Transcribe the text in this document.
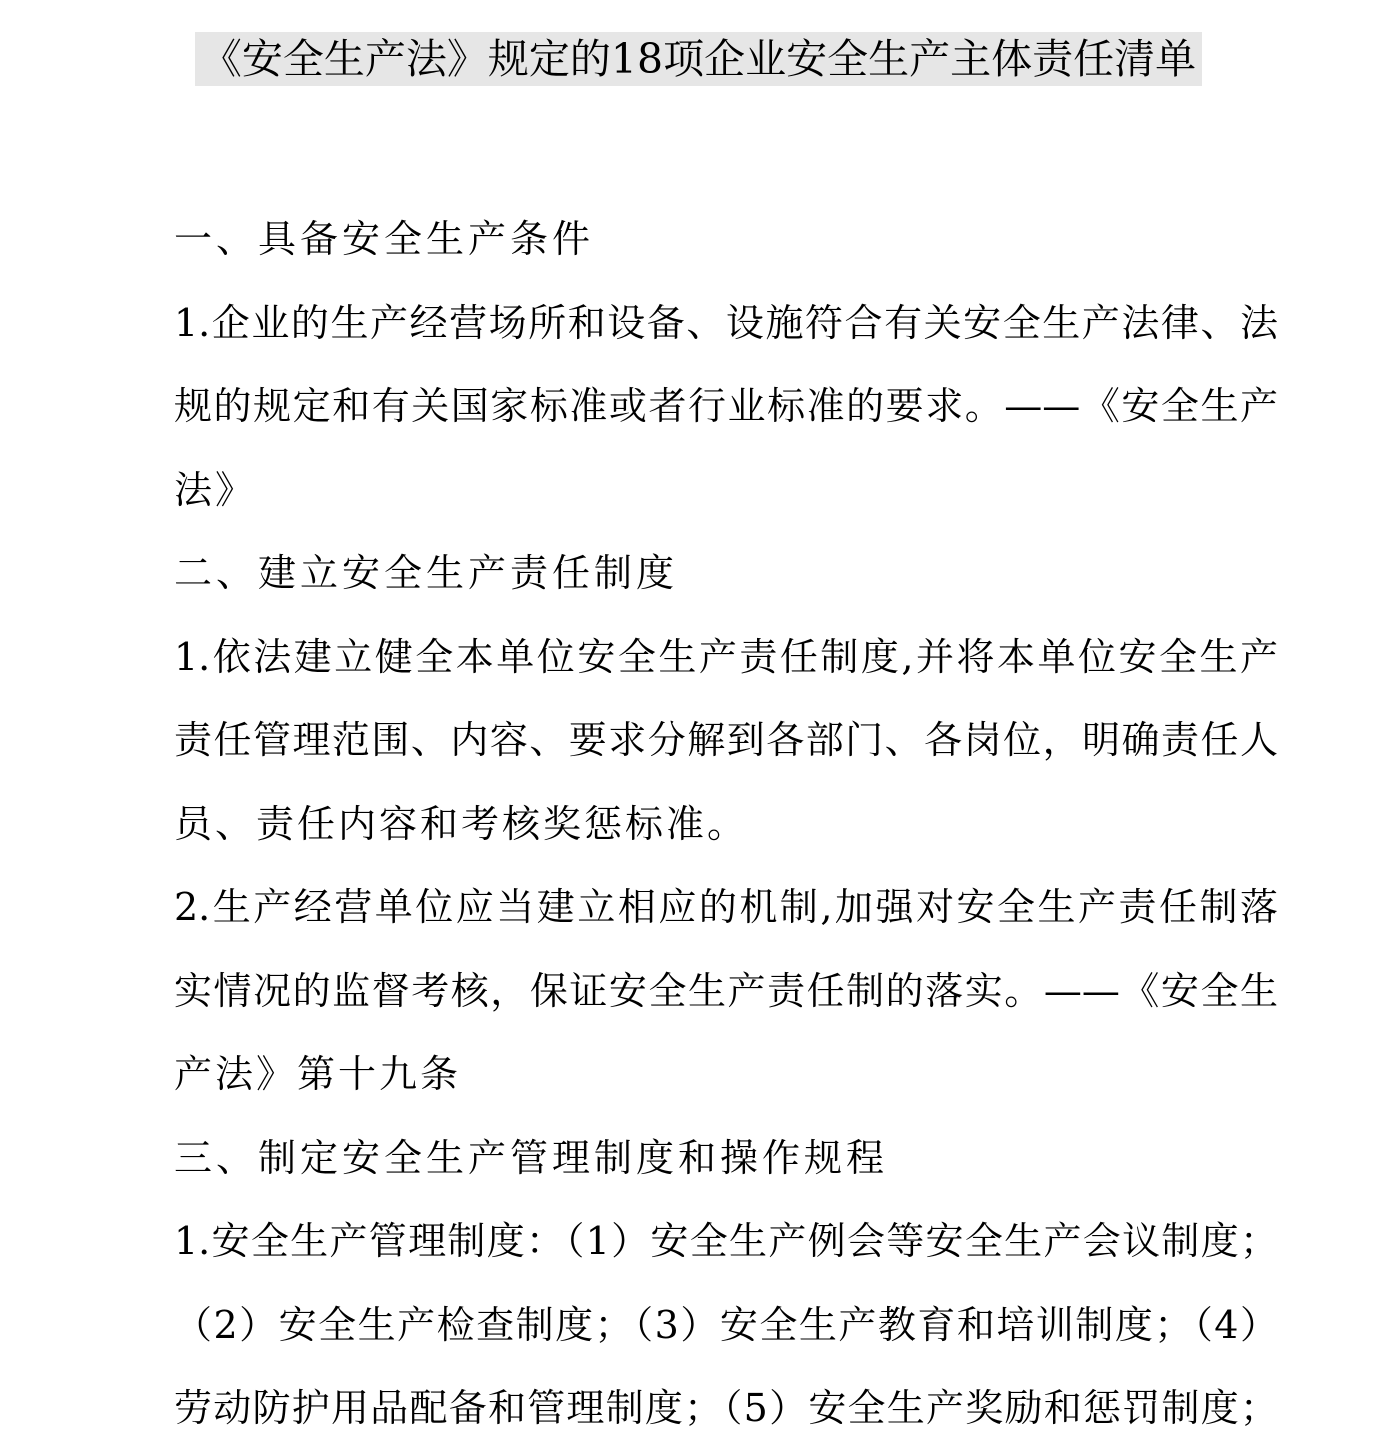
《安全生产法》规定的18项企业安全生产主体责任清单
一、具备安全生产条件
1.企业的生产经营场所和设备、设施符合有关安全生产法律、法
规的规定和有关国家标准或者行业标准的要求。——《安全生产
法》
二、建立安全生产责任制度
1.依法建立健全本单位安全生产责任制度,并将本单位安全生产
责任管理范围、内容、要求分解到各部门、各岗位，明确责任人
员、责任内容和考核奖惩标准。
2.生产经营单位应当建立相应的机制,加强对安全生产责任制落
实情况的监督考核，保证安全生产责任制的落实。——《安全生
产法》第十九条
三、制定安全生产管理制度和操作规程
1.安全生产管理制度：（1）安全生产例会等安全生产会议制度；
（2）安全生产检查制度；（3）安全生产教育和培训制度；（4）
劳动防护用品配备和管理制度；（5）安全生产奖励和惩罚制度；
